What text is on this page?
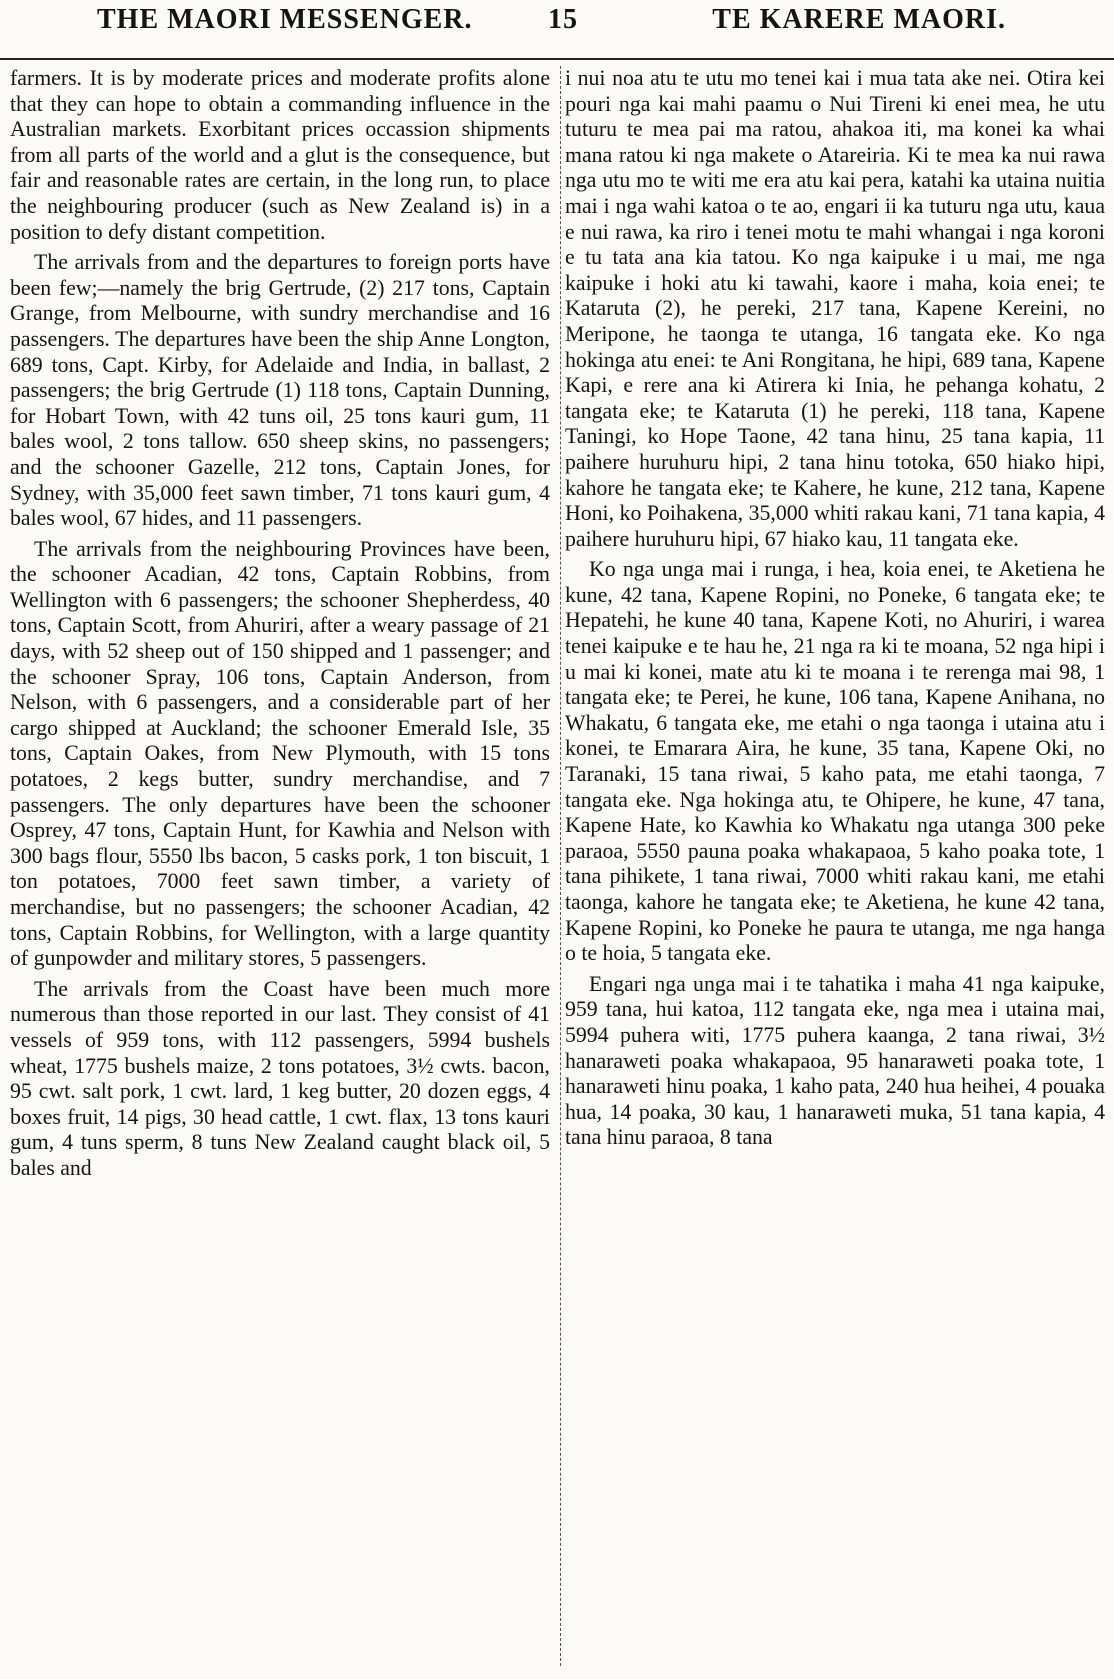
THE MAORI MESSENGER.	15	TE KARERE MAORI.

farmers. It is by moderate prices and moderate profits alone that they can hope to obtain a commanding influence in the Australian markets. Exorbitant prices occassion shipments from all parts of the world and a glut is the consequence, but fair and reasonable rates are certain, in the long run, to place the neighbouring producer (such as New Zealand is) in a position to defy distant competition.

The arrivals from and the departures to foreign ports have been few;—namely the brig Gertrude, (2) 217 tons, Captain Grange, from Melbourne, with sundry merchandise and 16 passengers. The departures have been the ship Anne Longton, 689 tons, Capt. Kirby, for Adelaide and India, in ballast, 2 passengers; the brig Gertrude (1) 118 tons, Captain Dunning, for Hobart Town, with 42 tuns oil, 25 tons kauri gum, 11 bales wool, 2 tons tallow. 650 sheep skins, no passengers; and the schooner Gazelle, 212 tons, Captain Jones, for Sydney, with 35,000 feet sawn timber, 71 tons kauri gum, 4 bales wool, 67 hides, and 11 passengers.

The arrivals from the neighbouring Provinces have been, the schooner Acadian, 42 tons, Captain Robbins, from Wellington with 6 passengers; the schooner Shepherdess, 40 tons, Captain Scott, from Ahuriri, after a weary passage of 21 days, with 52 sheep out of 150 shipped and 1 passenger; and the schooner Spray, 106 tons, Captain Anderson, from Nelson, with 6 passengers, and a considerable part of her cargo shipped at Auckland; the schooner Emerald Isle, 35 tons, Captain Oakes, from New Plymouth, with 15 tons potatoes, 2 kegs butter, sundry merchandise, and 7 passengers. The only departures have been the schooner Osprey, 47 tons, Captain Hunt, for Kawhia and Nelson with 300 bags flour, 5550 lbs bacon, 5 casks pork, 1 ton biscuit, 1 ton potatoes, 7000 feet sawn timber, a variety of merchandise, but no passengers; the schooner Acadian, 42 tons, Captain Robbins, for Wellington, with a large quantity of gunpowder and military stores, 5 passengers.

The arrivals from the Coast have been much more numerous than those reported in our last. They consist of 41 vessels of 959 tons, with 112 passengers, 5994 bushels wheat, 1775 bushels maize, 2 tons potatoes, 3½ cwts. bacon, 95 cwt. salt pork, 1 cwt. lard, 1 keg butter, 20 dozen eggs, 4 boxes fruit, 14 pigs, 30 head cattle, 1 cwt. flax, 13 tons kauri gum, 4 tuns sperm, 8 tuns New Zealand caught black oil, 5 bales and

i nui noa atu te utu mo tenei kai i mua tata ake nei. Otira kei pouri nga kai mahi paamu o Nui Tireni ki enei mea, he utu tuturu te mea pai ma ratou, ahakoa iti, ma konei ka whai mana ratou ki nga makete o Atareiria. Ki te mea ka nui rawa nga utu mo te witi me era atu kai pera, katahi ka utaina nuitia mai i nga wahi katoa o te ao, engari ii ka tuturu nga utu, kaua e nui rawa, ka riro i tenei motu te mahi whangai i nga koroni e tu tata ana kia tatou. Ko nga kaipuke i u mai, me nga kaipuke i hoki atu ki tawahi, kaore i maha, koia enei; te Kataruta (2), he pereki, 217 tana, Kapene Kereini, no Meripone, he taonga te utanga, 16 tangata eke. Ko nga hokinga atu enei: te Ani Rongitana, he hipi, 689 tana, Kapene Kapi, e rere ana ki Atirera ki Inia, he pehanga kohatu, 2 tangata eke; te Kataruta (1) he pereki, 118 tana, Kapene Taningi, ko Hope Taone, 42 tana hinu, 25 tana kapia, 11 paihere huruhuru hipi, 2 tana hinu totoka, 650 hiako hipi, kahore he tangata eke; te Kahere, he kune, 212 tana, Kapene Honi, ko Poihakena, 35,000 whiti rakau kani, 71 tana kapia, 4 paihere huruhuru hipi, 67 hiako kau, 11 tangata eke.

Ko nga unga mai i runga, i hea, koia enei, te Aketiena he kune, 42 tana, Kapene Ropini, no Poneke, 6 tangata eke; te Hepatehi, he kune 40 tana, Kapene Koti, no Ahuriri, i warea tenei kaipuke e te hau he, 21 nga ra ki te moana, 52 nga hipi i u mai ki konei, mate atu ki te moana i te rerenga mai 98, 1 tangata eke; te Perei, he kune, 106 tana, Kapene Anihana, no Whakatu, 6 tangata eke, me etahi o nga taonga i utaina atu i konei, te Emarara Aira, he kune, 35 tana, Kapene Oki, no Taranaki, 15 tana riwai, 5 kaho pata, me etahi taonga, 7 tangata eke. Nga hokinga atu, te Ohipere, he kune, 47 tana, Kapene Hate, ko Kawhia ko Whakatu nga utanga 300 peke paraoa, 5550 pauna poaka whakapaoa, 5 kaho poaka tote, 1 tana pihikete, 1 tana riwai, 7000 whiti rakau kani, me etahi taonga, kahore he tangata eke; te Aketiena, he kune 42 tana, Kapene Ropini, ko Poneke he paura te utanga, me nga hanga o te hoia, 5 tangata eke.

Engari nga unga mai i te tahatika i maha 41 nga kaipuke, 959 tana, hui katoa, 112 tangata eke, nga mea i utaina mai, 5994 puhera witi, 1775 puhera kaanga, 2 tana riwai, 3½ hanaraweti poaka whakapaoa, 95 hanaraweti poaka tote, 1 hanaraweti hinu poaka, 1 kaho pata, 240 hua heihei, 4 pouaka hua, 14 poaka, 30 kau, 1 hanaraweti muka, 51 tana kapia, 4 tana hinu paraoa, 8 tana
